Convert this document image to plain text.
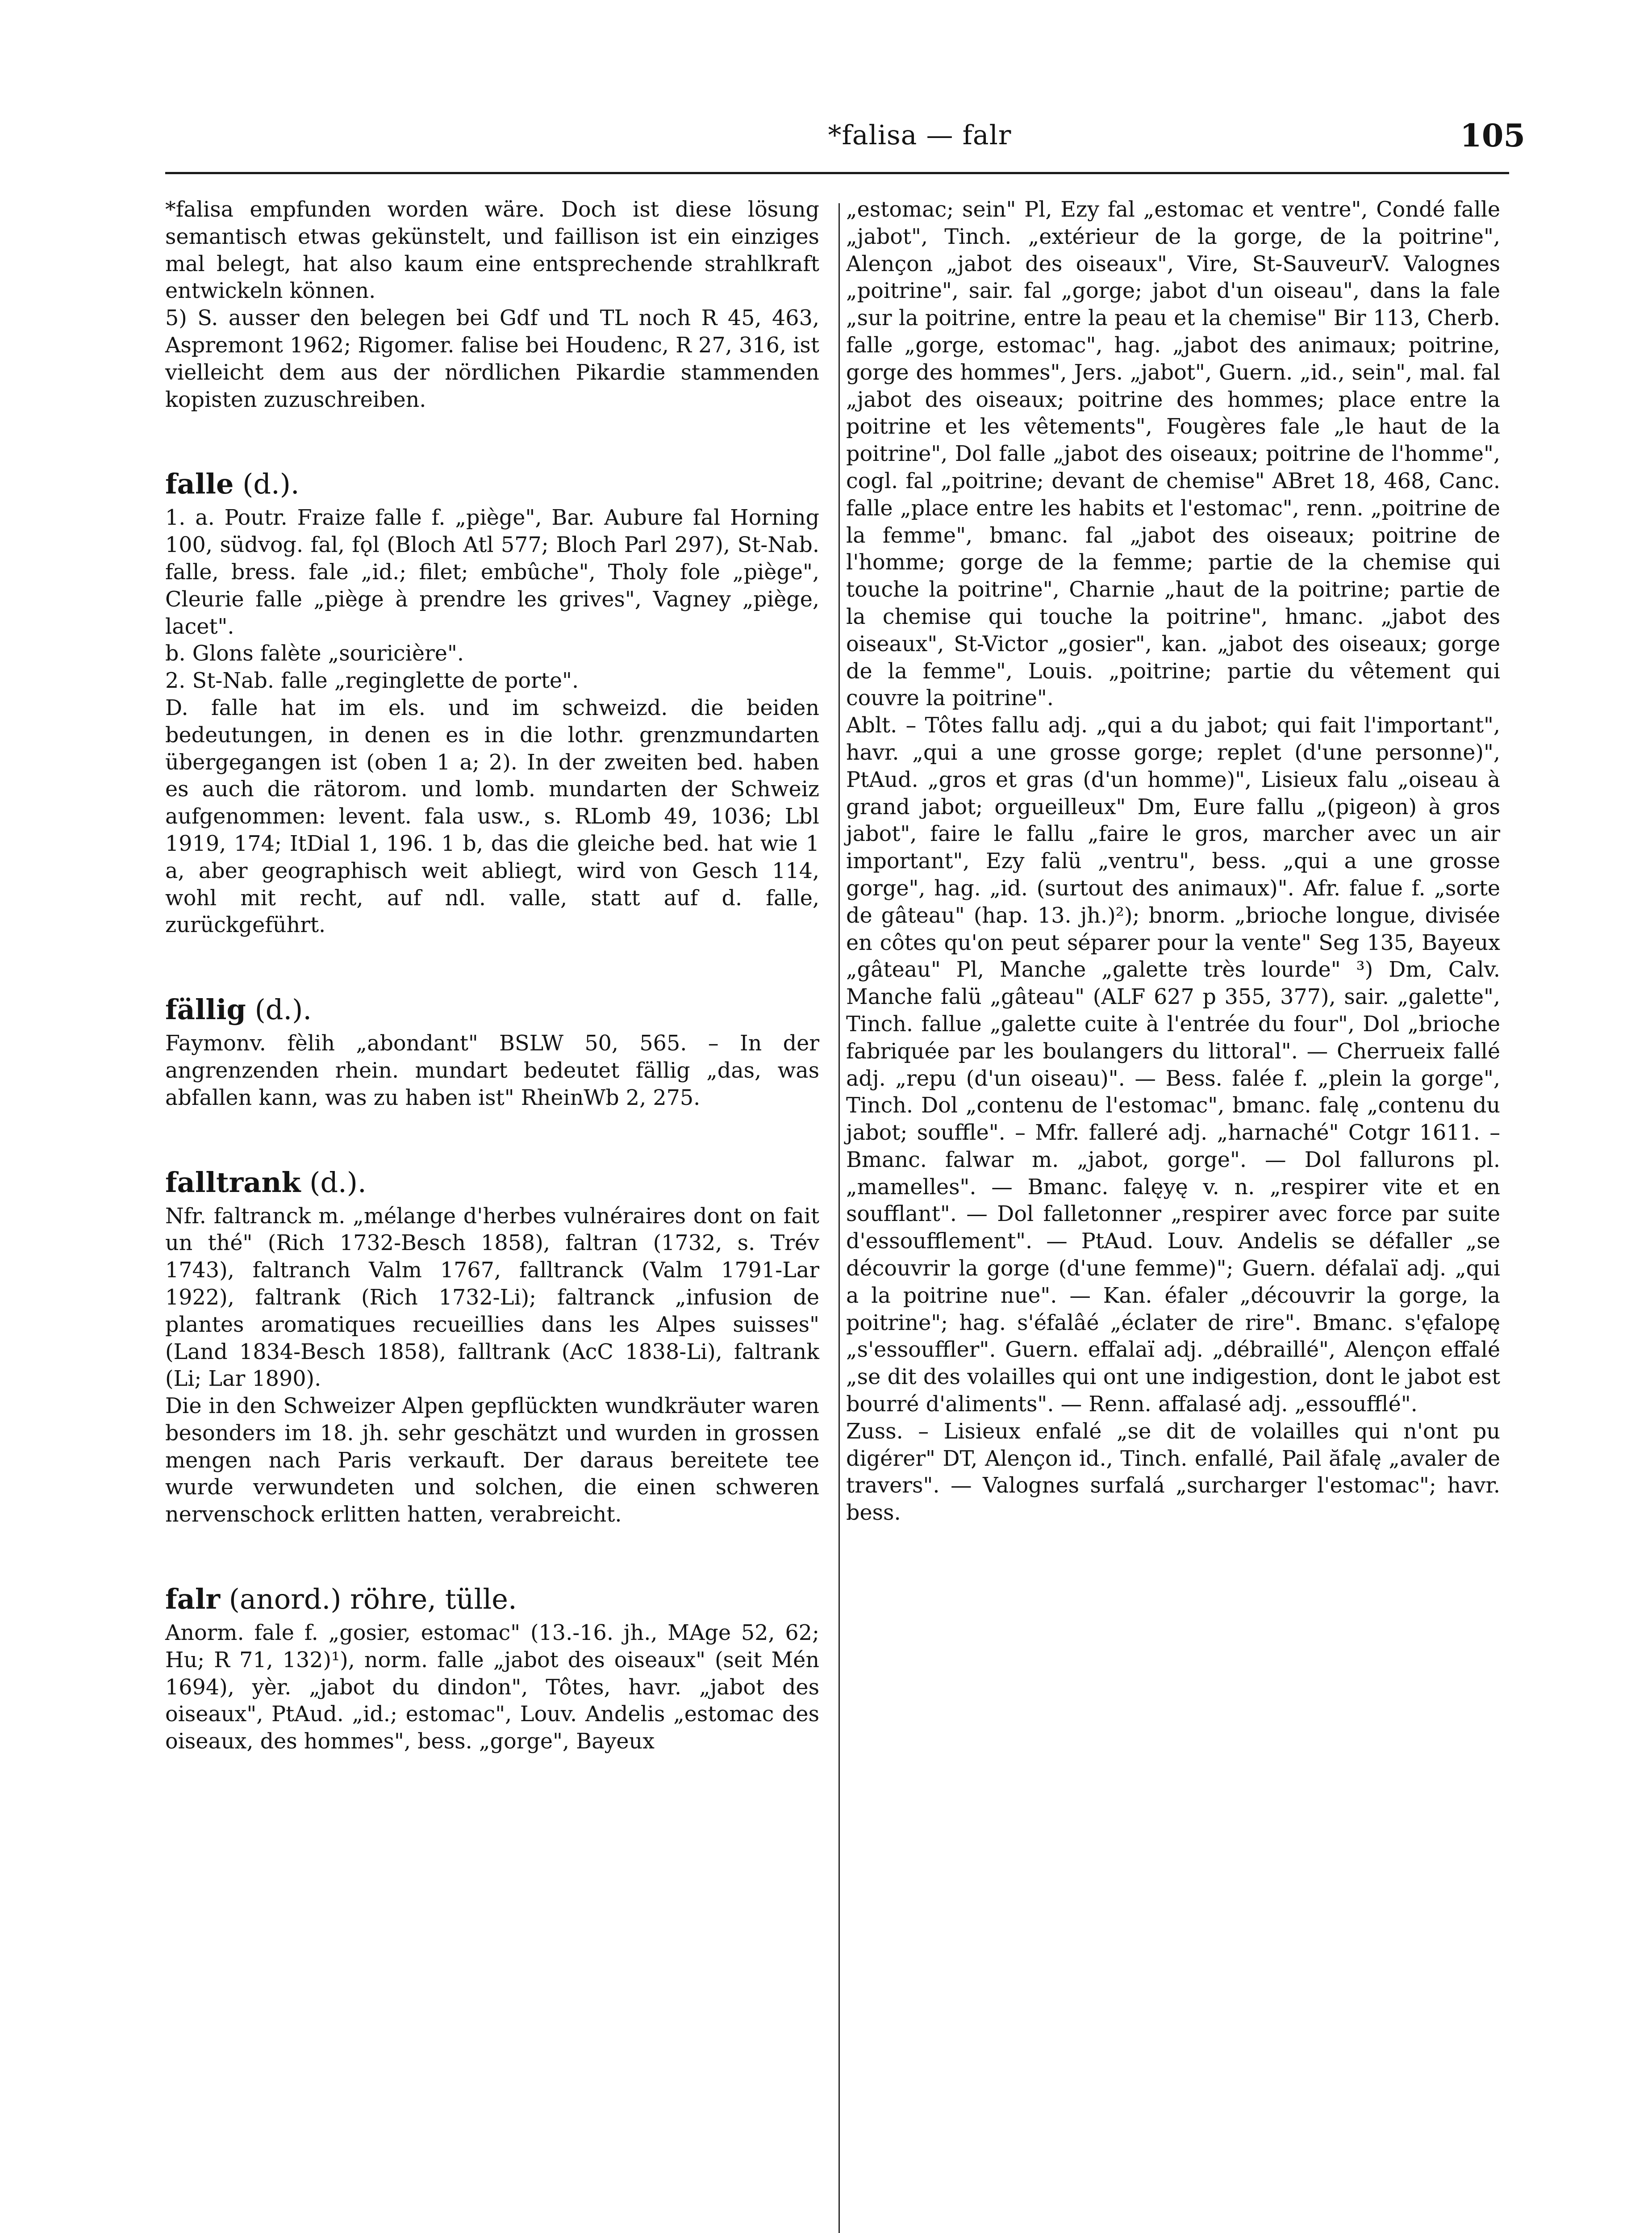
*falisa — falr	105

*falisa empfunden worden wäre. Doch ist diese lösung semantisch etwas gekünstelt, und faillison ist ein einziges mal belegt, hat also kaum eine entsprechende strahlkraft entwickeln können.

5) S. ausser den belegen bei Gdf und TL noch R 45, 463, Aspremont 1962; Rigomer. falise bei Houdenc, R 27, 316, ist vielleicht dem aus der nördlichen Pikardie stammenden kopisten zuzuschreiben.

falle (d.).

1. a. Poutr. Fraize falle f. „piège", Bar. Aubure fal Horning 100, südvog. fal, fǫl (Bloch Atl 577; Bloch Parl 297), St-Nab. falle, bress. fale „id.; filet; embûche", Tholy fole „piège", Cleurie falle „piège à prendre les grives", Vagney „piège, lacet".

b. Glons falète „souricière".

2. St-Nab. falle „reginglette de porte".

D. falle hat im els. und im schweizd. die beiden bedeutungen, in denen es in die lothr. grenzmundarten übergegangen ist (oben 1 a; 2). In der zweiten bed. haben es auch die rätorom. und lomb. mundarten der Schweiz aufgenommen: levent. fala usw., s. RLomb 49, 1036; Lbl 1919, 174; ItDial 1, 196. 1 b, das die gleiche bed. hat wie 1 a, aber geographisch weit abliegt, wird von Gesch 114, wohl mit recht, auf ndl. valle, statt auf d. falle, zurückgeführt.

fällig (d.).

Faymonv. fèlih „abondant" BSLW 50, 565. – In der angrenzenden rhein. mundart bedeutet fällig „das, was abfallen kann, was zu haben ist" RheinWb 2, 275.

falltrank (d.).

Nfr. faltranck m. „mélange d'herbes vulnéraires dont on fait un thé" (Rich 1732-Besch 1858), faltran (1732, s. Trév 1743), faltranch Valm 1767, falltranck (Valm 1791-Lar 1922), faltrank (Rich 1732-Li); faltranck „infusion de plantes aromatiques recueillies dans les Alpes suisses" (Land 1834-Besch 1858), falltrank (AcC 1838-Li), faltrank (Li; Lar 1890).

Die in den Schweizer Alpen gepflückten wundkräuter waren besonders im 18. jh. sehr geschätzt und wurden in grossen mengen nach Paris verkauft. Der daraus bereitete tee wurde verwundeten und solchen, die einen schweren nervenschock erlitten hatten, verabreicht.

falr (anord.) röhre, tülle.

Anorm. fale f. „gosier, estomac" (13.-16. jh., MAge 52, 62; Hu; R 71, 132)¹), norm. falle „jabot des oiseaux" (seit Mén 1694), yèr. „jabot du dindon", Tôtes, havr. „jabot des oiseaux", PtAud. „id.; estomac", Louv. Andelis „estomac des oiseaux, des hommes", bess. „gorge", Bayeux

„estomac; sein" Pl, Ezy fal „estomac et ventre", Condé falle „jabot", Tinch. „extérieur de la gorge, de la poitrine", Alençon „jabot des oiseaux", Vire, St-SauveurV. Valognes „poitrine", sair. fal „gorge; jabot d'un oiseau", dans la fale „sur la poitrine, entre la peau et la chemise" Bir 113, Cherb. falle „gorge, estomac", hag. „jabot des animaux; poitrine, gorge des hommes", Jers. „jabot", Guern. „id., sein", mal. fal „jabot des oiseaux; poitrine des hommes; place entre la poitrine et les vêtements", Fougères fale „le haut de la poitrine", Dol falle „jabot des oiseaux; poitrine de l'homme", cogl. fal „poitrine; devant de chemise" ABret 18, 468, Canc. falle „place entre les habits et l'estomac", renn. „poitrine de la femme", bmanc. fal „jabot des oiseaux; poitrine de l'homme; gorge de la femme; partie de la chemise qui touche la poitrine", Charnie „haut de la poitrine; partie de la chemise qui touche la poitrine", hmanc. „jabot des oiseaux", St-Victor „gosier", kan. „jabot des oiseaux; gorge de la femme", Louis. „poitrine; partie du vêtement qui couvre la poitrine".

Ablt. – Tôtes fallu adj. „qui a du jabot; qui fait l'important", havr. „qui a une grosse gorge; replet (d'une personne)", PtAud. „gros et gras (d'un homme)", Lisieux falu „oiseau à grand jabot; orgueilleux" Dm, Eure fallu „(pigeon) à gros jabot", faire le fallu „faire le gros, marcher avec un air important", Ezy falü „ventru", bess. „qui a une grosse gorge", hag. „id. (surtout des animaux)". Afr. falue f. „sorte de gâteau" (hap. 13. jh.)²); bnorm. „brioche longue, divisée en côtes qu'on peut séparer pour la vente" Seg 135, Bayeux „gâteau" Pl, Manche „galette très lourde" ³) Dm, Calv. Manche falü „gâteau" (ALF 627 p 355, 377), sair. „galette", Tinch. fallue „galette cuite à l'entrée du four", Dol „brioche fabriquée par les boulangers du littoral". — Cherrueix fallé adj. „repu (d'un oiseau)". — Bess. falée f. „plein la gorge", Tinch. Dol „contenu de l'estomac", bmanc. falę „contenu du jabot; souffle". – Mfr. falleré adj. „harnaché" Cotgr 1611. – Bmanc. falwar m. „jabot, gorge". — Dol fallurons pl. „mamelles". — Bmanc. falęyę v. n. „respirer vite et en soufflant". — Dol falletonner „respirer avec force par suite d'essoufflement". — PtAud. Louv. Andelis se défaller „se découvrir la gorge (d'une femme)"; Guern. défalaï adj. „qui a la poitrine nue". — Kan. éfaler „découvrir la gorge, la poitrine"; hag. s'éfalâé „éclater de rire". Bmanc. s'ęfalopę „s'essouffler". Guern. effalaï adj. „débraillé", Alençon effalé „se dit des volailles qui ont une indigestion, dont le jabot est bourré d'aliments". — Renn. affalasé adj. „essoufflé".

Zuss. – Lisieux enfalé „se dit de volailles qui n'ont pu digérer" DT, Alençon id., Tinch. enfallé, Pail ăfalę „avaler de travers". — Valognes surfalá „surcharger l'estomac"; havr. bess.
